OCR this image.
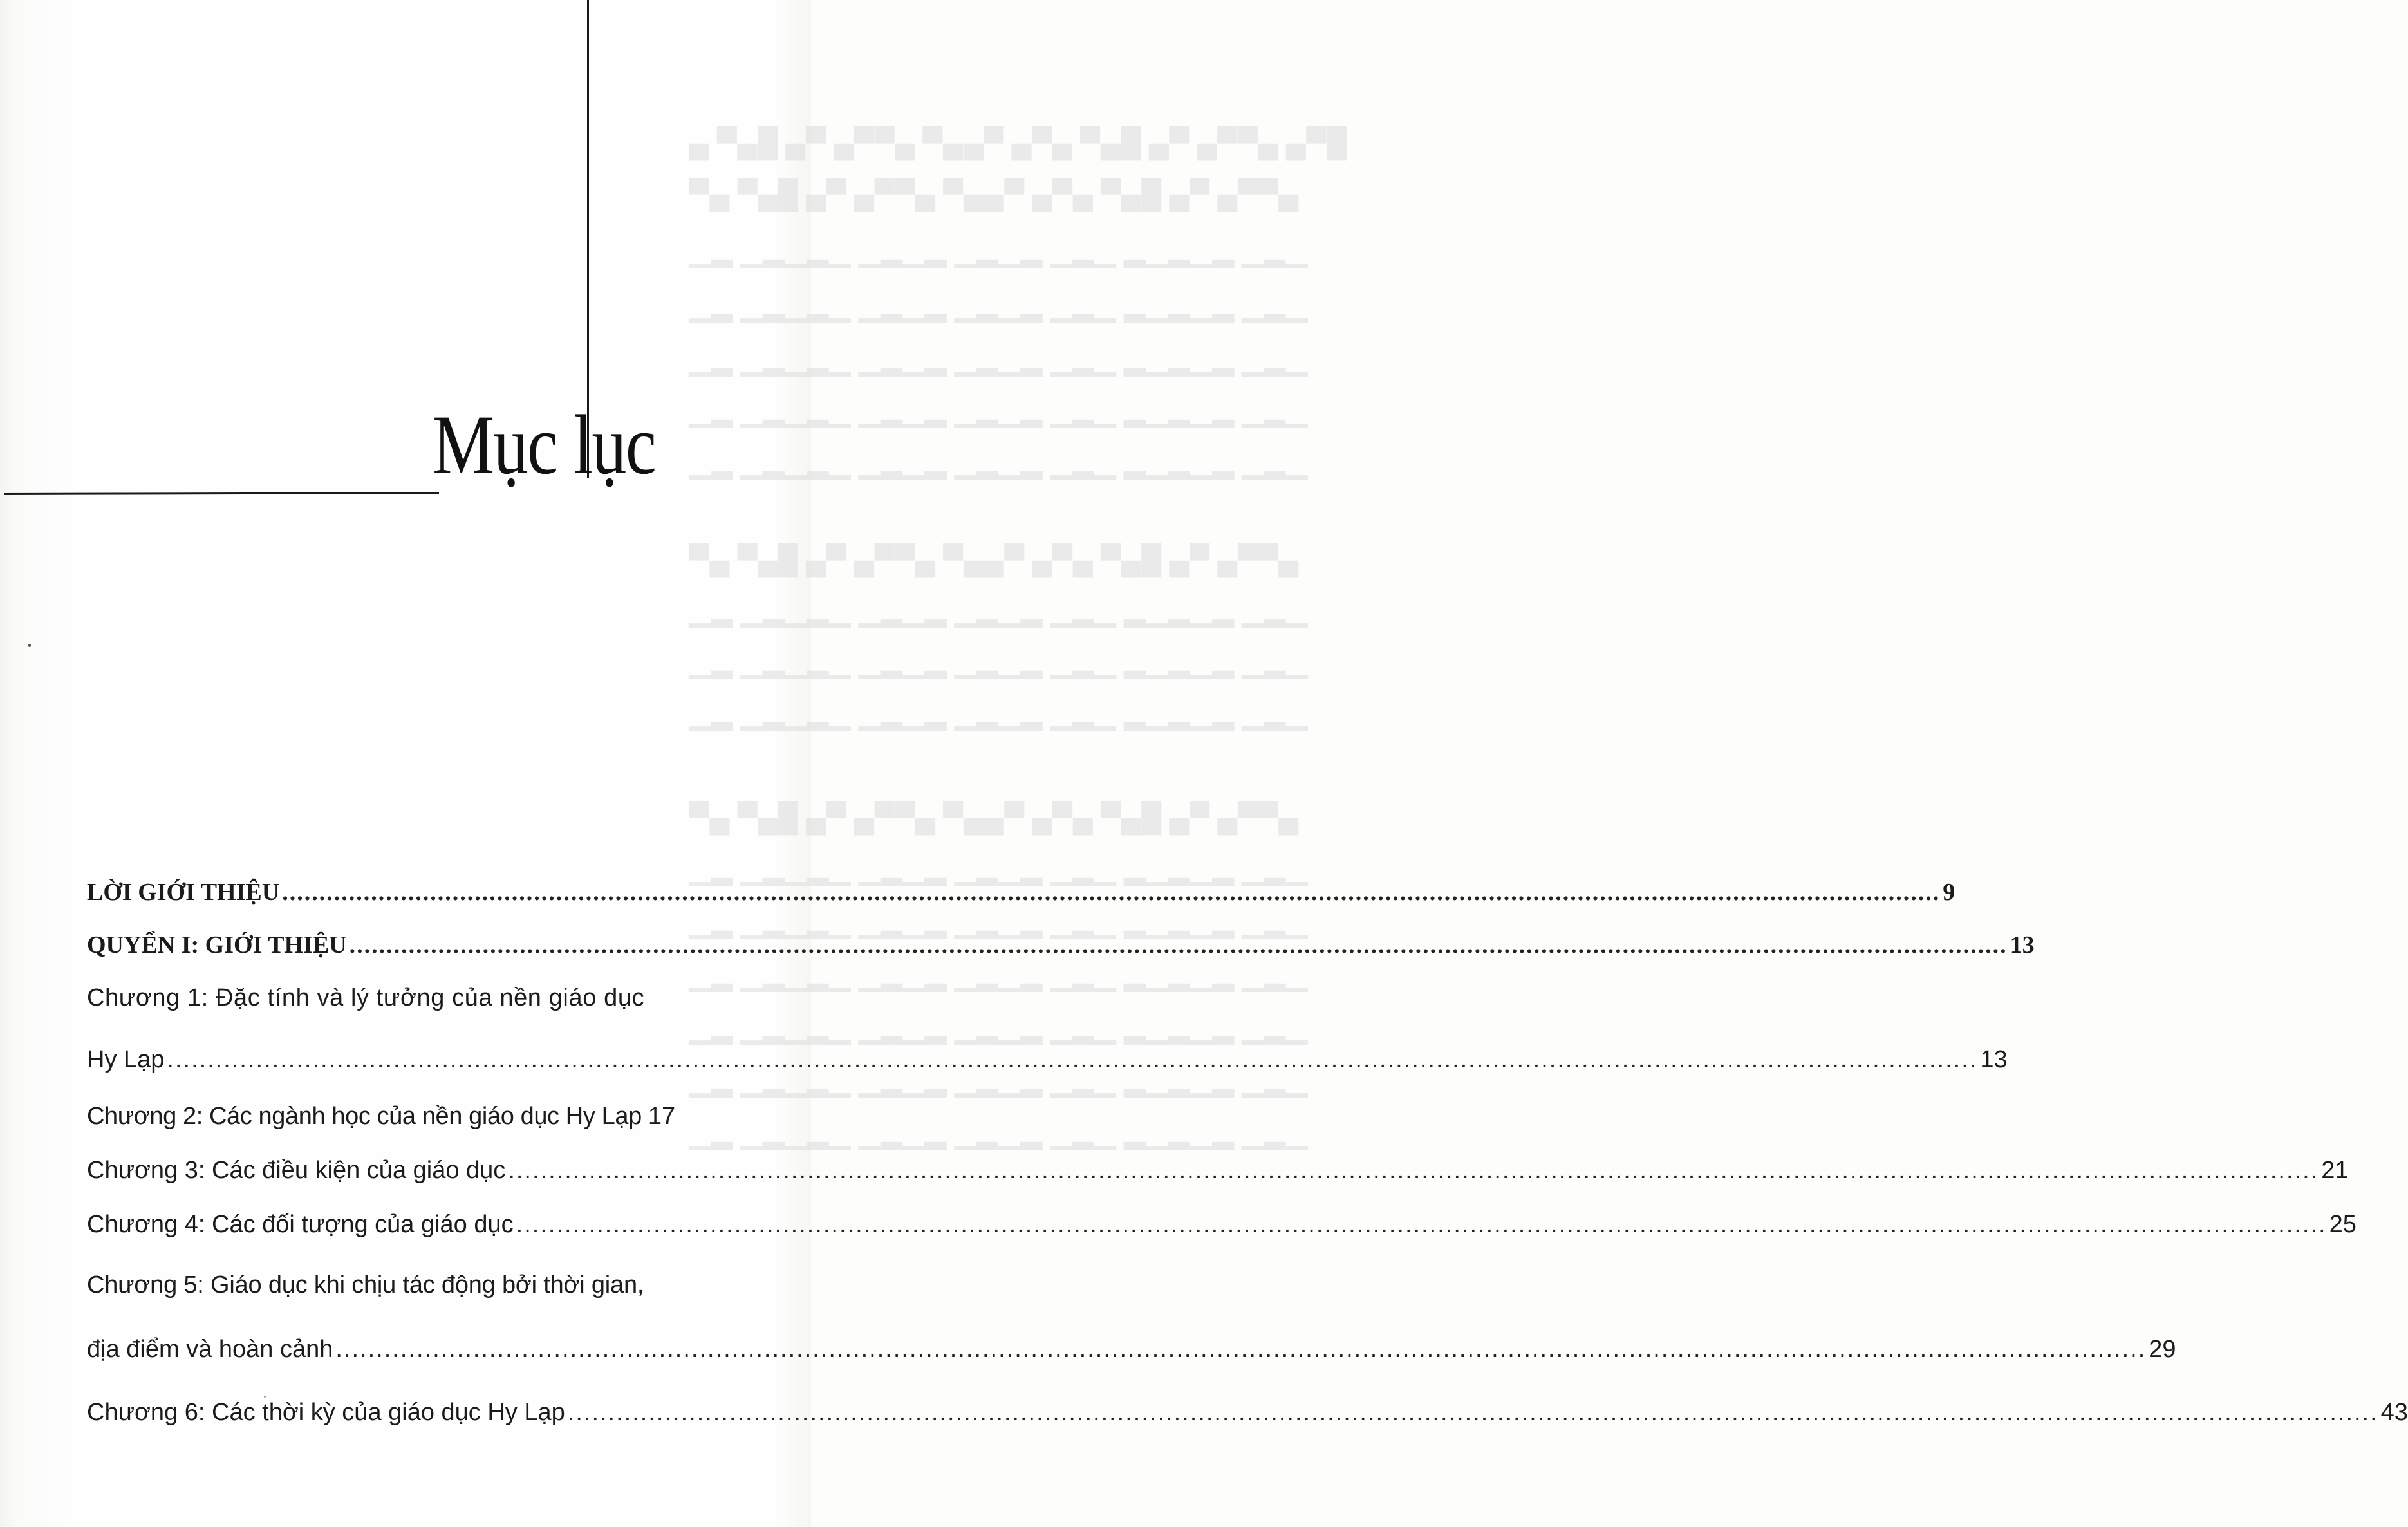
█▀▄ ▄▀▀▄ ▀▄ █▄▀ ▄▀▄ ▀▄▄▀ ▄▀▀▄ ▀▄ █▄▀ ▄
▄▀▀▄ ▀▄ █▄▀ ▄▀▄ ▀▄▄▀ ▄▀▀▄ ▀▄ █▄▀ ▄▀
▁▂▁ ▂▁▂▁▂ ▁▂▁ ▂▁▂▁ ▂▁▂▁ ▁▂▁▂▁ ▂▁
▁▂▁ ▂▁▂▁▂ ▁▂▁ ▂▁▂▁ ▂▁▂▁ ▁▂▁▂▁ ▂▁
▁▂▁ ▂▁▂▁▂ ▁▂▁ ▂▁▂▁ ▂▁▂▁ ▁▂▁▂▁ ▂▁
▁▂▁ ▂▁▂▁▂ ▁▂▁ ▂▁▂▁ ▂▁▂▁ ▁▂▁▂▁ ▂▁
▁▂▁ ▂▁▂▁▂ ▁▂▁ ▂▁▂▁ ▂▁▂▁ ▁▂▁▂▁ ▂▁
▄▀▀▄ ▀▄ █▄▀ ▄▀▄ ▀▄▄▀ ▄▀▀▄ ▀▄ █▄▀ ▄▀
▁▂▁ ▂▁▂▁▂ ▁▂▁ ▂▁▂▁ ▂▁▂▁ ▁▂▁▂▁ ▂▁
▁▂▁ ▂▁▂▁▂ ▁▂▁ ▂▁▂▁ ▂▁▂▁ ▁▂▁▂▁ ▂▁
▁▂▁ ▂▁▂▁▂ ▁▂▁ ▂▁▂▁ ▂▁▂▁ ▁▂▁▂▁ ▂▁
▄▀▀▄ ▀▄ █▄▀ ▄▀▄ ▀▄▄▀ ▄▀▀▄ ▀▄ █▄▀ ▄▀
▁▂▁ ▂▁▂▁▂ ▁▂▁ ▂▁▂▁ ▂▁▂▁ ▁▂▁▂▁ ▂▁
▁▂▁ ▂▁▂▁▂ ▁▂▁ ▂▁▂▁ ▂▁▂▁ ▁▂▁▂▁ ▂▁
▁▂▁ ▂▁▂▁▂ ▁▂▁ ▂▁▂▁ ▂▁▂▁ ▁▂▁▂▁ ▂▁
▁▂▁ ▂▁▂▁▂ ▁▂▁ ▂▁▂▁ ▂▁▂▁ ▁▂▁▂▁ ▂▁
▁▂▁ ▂▁▂▁▂ ▁▂▁ ▂▁▂▁ ▂▁▂▁ ▁▂▁▂▁ ▂▁
▁▂▁ ▂▁▂▁▂ ▁▂▁ ▂▁▂▁ ▂▁▂▁ ▁▂▁▂▁ ▂▁
Mục lục
LỜI GIỚI THIỆU .....	9
QUYỂN I: GIỚI THIỆU .....	13
Chương 1: Đặc tính và lý tưởng của nền giáo dục
Hy Lạp .....	13
Chương 2: Các ngành học của nền giáo dục Hy Lạp 17
Chương 3: Các điều kiện của giáo dục .....	21
Chương 4: Các đối tượng của giáo dục .....	25
Chương 5: Giáo dục khi chịu tác động bởi thời gian,
địa điểm và hoàn cảnh .....	29
Chương 6: Các thời kỳ của giáo dục Hy Lạp .....	43
